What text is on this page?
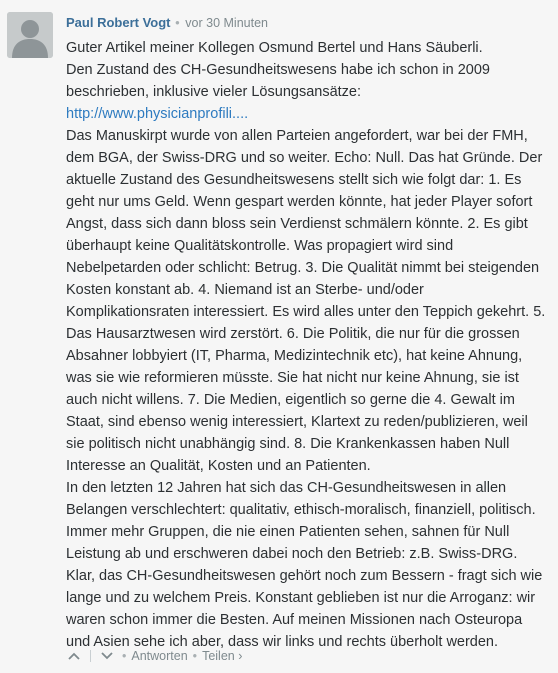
Paul Robert Vogt • vor 30 Minuten

Guter Artikel meiner Kollegen Osmund Bertel und Hans Säuberli.

Den Zustand des CH-Gesundheitswesens habe ich schon in 2009 beschrieben, inklusive vieler Lösungsansätze:

http://www.physicianprofili....

Das Manuskirpt wurde von allen Parteien angefordert, war bei der FMH, dem BGA, der Swiss-DRG und so weiter. Echo: Null. Das hat Gründe. Der aktuelle Zustand des Gesundheitswesens stellt sich wie folgt dar: 1. Es geht nur ums Geld. Wenn gespart werden könnte, hat jeder Player sofort Angst, dass sich dann bloss sein Verdienst schmälern könnte. 2. Es gibt überhaupt keine Qualitätskontrolle. Was propagiert wird sind Nebelpetarden oder schlicht: Betrug. 3. Die Qualität nimmt bei steigenden Kosten konstant ab. 4. Niemand ist an Sterbe- und/oder Komplikationsraten interessiert. Es wird alles unter den Teppich gekehrt. 5. Das Hausarztwesen wird zerstört. 6. Die Politik, die nur für die grossen Absahner lobbyiert (IT, Pharma, Medizintechnik etc), hat keine Ahnung, was sie wie reformieren müsste. Sie hat nicht nur keine Ahnung, sie ist auch nicht willens. 7. Die Medien, eigentlich so gerne die 4. Gewalt im Staat, sind ebenso wenig interessiert, Klartext zu reden/publizieren, weil sie politisch nicht unabhängig sind. 8. Die Krankenkassen haben Null Interesse an Qualität, Kosten und an Patienten.

In den letzten 12 Jahren hat sich das CH-Gesundheitswesen in allen Belangen verschlechtert: qualitativ, ethisch-moralisch, finanziell, politisch. Immer mehr Gruppen, die nie einen Patienten sehen, sahnen für Null Leistung ab und erschweren dabei noch den Betrieb: z.B. Swiss-DRG. Klar, das CH-Gesundheitswesen gehört noch zum Bessern - fragt sich wie lange und zu welchem Preis. Konstant geblieben ist nur die Arroganz: wir waren schon immer die Besten. Auf meinen Missionen nach Osteuropa und Asien sehe ich aber, dass wir links und rechts überholt werden.

• Antworten • Teilen ›
